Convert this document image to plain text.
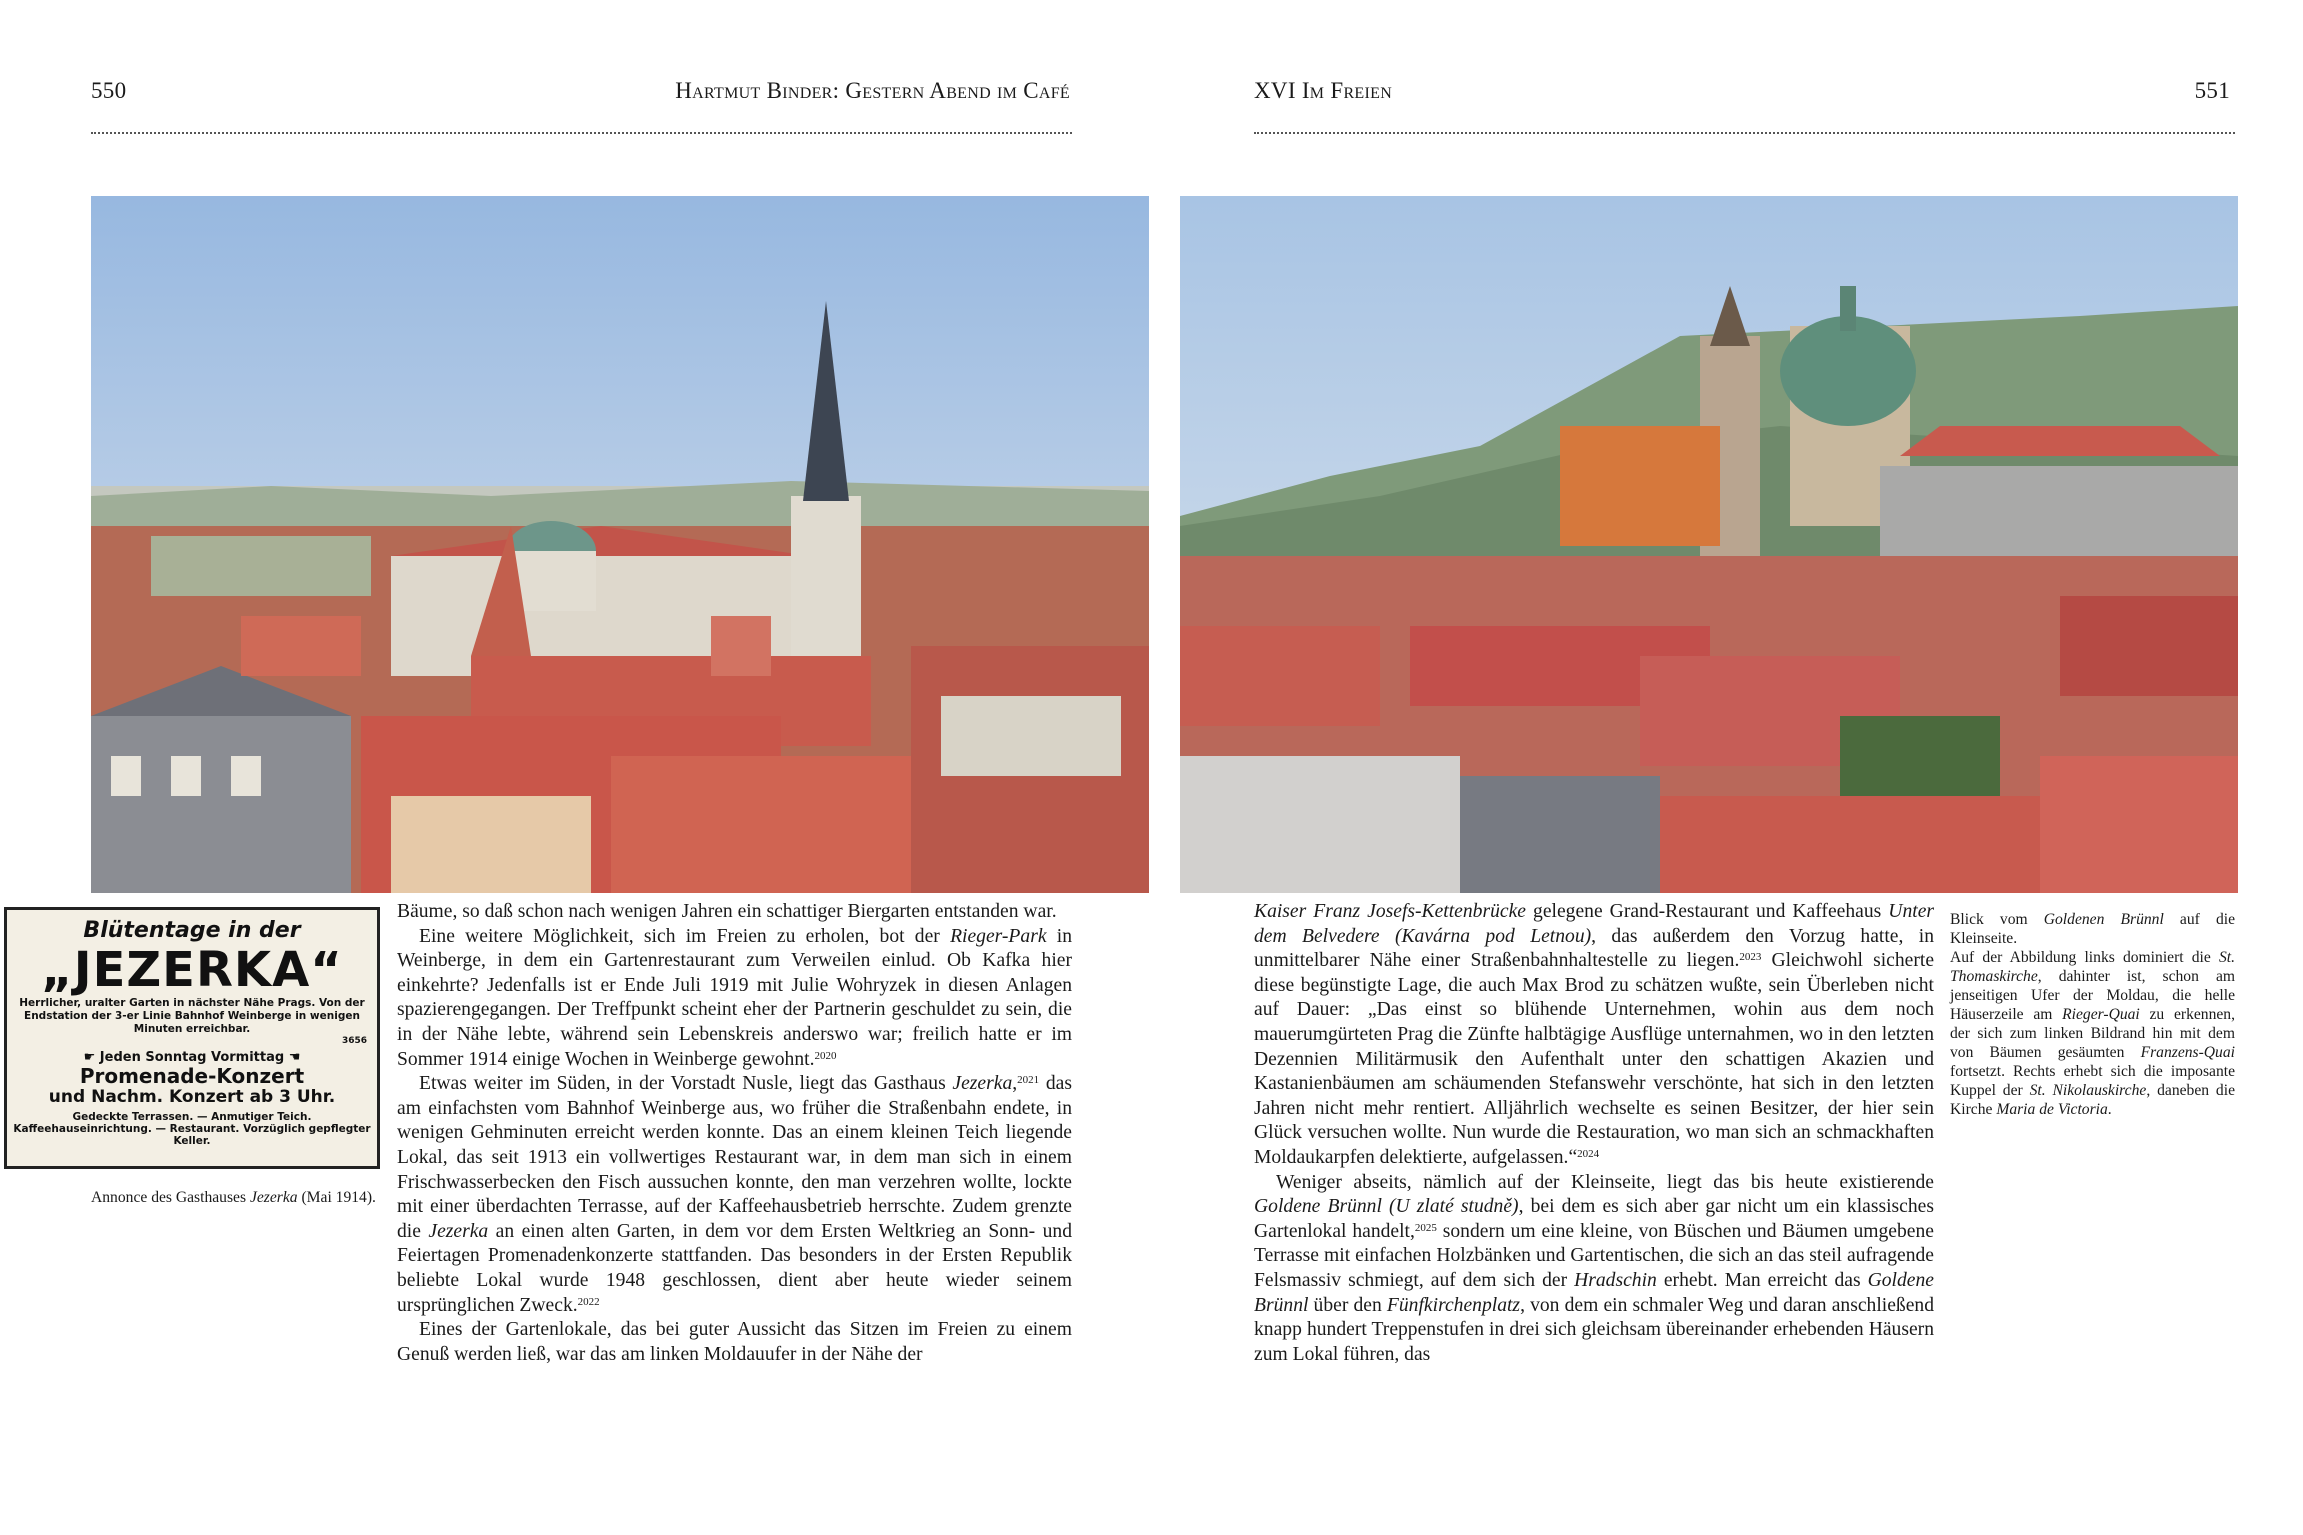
550	Hartmut Binder: Gestern Abend im Café	XVI Im Freien	551
Blütentage in der
„JEZERKA“
Herrlicher, uralter Garten in nächster Nähe Prags. Von der Endstation der 3-er Linie Bahnhof Weinberge in wenigen Minuten erreichbar.
3656
☛ Jeden Sonntag Vormittag ☚
Promenade-Konzert
und Nachm. Konzert ab 3 Uhr.
Gedeckte Terrassen. — Anmutiger Teich. Kaffeehauseinrichtung. — Restaurant. Vorzüglich gepflegter Keller.

Annonce des Gasthauses Jezerka (Mai 1914).

Bäume, so daß schon nach wenigen Jahren ein schattiger Biergarten entstanden war.

Eine weitere Möglichkeit, sich im Freien zu erholen, bot der Rieger-Park in Weinberge, in dem ein Gartenrestaurant zum Verweilen einlud. Ob Kafka hier einkehrte? Jedenfalls ist er Ende Juli 1919 mit Julie Wohryzek in diesen Anlagen spazierengegangen. Der Treffpunkt scheint eher der Partnerin geschuldet zu sein, die in der Nähe lebte, während sein Lebenskreis anderswo war; freilich hatte er im Sommer 1914 einige Wochen in Weinberge gewohnt.$^{2020}$

Etwas weiter im Süden, in der Vorstadt Nusle, liegt das Gasthaus Jezerka,$^{2021}$ das am einfachsten vom Bahnhof Weinberge aus, wo früher die Straßenbahn endete, in wenigen Gehminuten erreicht werden konnte. Das an einem kleinen Teich liegende Lokal, das seit 1913 ein vollwertiges Restaurant war, in dem man sich in einem Frischwasserbecken den Fisch aussuchen konnte, den man verzehren wollte, lockte mit einer überdachten Terrasse, auf der Kaffeehausbetrieb herrschte. Zudem grenzte die Jezerka an einen alten Garten, in dem vor dem Ersten Weltkrieg an Sonn- und Feiertagen Promenadenkonzerte stattfanden. Das besonders in der Ersten Republik beliebte Lokal wurde 1948 geschlossen, dient aber heute wieder seinem ursprünglichen Zweck.$^{2022}$

Eines der Gartenlokale, das bei guter Aussicht das Sitzen im Freien zu einem Genuß werden ließ, war das am linken Moldauufer in der Nähe der

Kaiser Franz Josefs-Kettenbrücke gelegene Grand-Restaurant und Kaffeehaus Unter dem Belvedere (Kavárna pod Letnou), das außerdem den Vorzug hatte, in unmittelbarer Nähe einer Straßenbahnhaltestelle zu liegen.$^{2023}$ Gleichwohl sicherte diese begünstigte Lage, die auch Max Brod zu schätzen wußte, sein Überleben nicht auf Dauer: „Das einst so blühende Unternehmen, wohin aus dem noch mauerumgürteten Prag die Zünfte halbtägige Ausflüge unternahmen, wo in den letzten Dezennien Militärmusik den Aufenthalt unter den schattigen Akazien und Kastanienbäumen am schäumenden Stefanswehr verschönte, hat sich in den letzten Jahren nicht mehr rentiert. Alljährlich wechselte es seinen Besitzer, der hier sein Glück versuchen wollte. Nun wurde die Restauration, wo man sich an schmackhaften Moldaukarpfen delektierte, aufgelassen.“$^{2024}$

Weniger abseits, nämlich auf der Kleinseite, liegt das bis heute existierende Goldene Brünnl (U zlaté studně), bei dem es sich aber gar nicht um ein klassisches Gartenlokal handelt,$^{2025}$ sondern um eine kleine, von Büschen und Bäumen umgebene Terrasse mit einfachen Holzbänken und Gartentischen, die sich an das steil aufragende Felsmassiv schmiegt, auf dem sich der Hradschin erhebt. Man erreicht das Goldene Brünnl über den Fünfkirchenplatz, von dem ein schmaler Weg und daran anschließend knapp hundert Treppenstufen in drei sich gleichsam übereinander erhebenden Häusern zum Lokal führen, das

Blick vom Goldenen Brünnl auf die Kleinseite.

Auf der Abbildung links dominiert die St. Thomaskirche, dahinter ist, schon am jenseitigen Ufer der Moldau, die helle Häuserzeile am Rieger-Quai zu erkennen, der sich zum linken Bildrand hin mit dem von Bäumen gesäumten Franzens-Quai fortsetzt. Rechts erhebt sich die imposante Kuppel der St. Nikolauskirche, daneben die Kirche Maria de Victoria.
